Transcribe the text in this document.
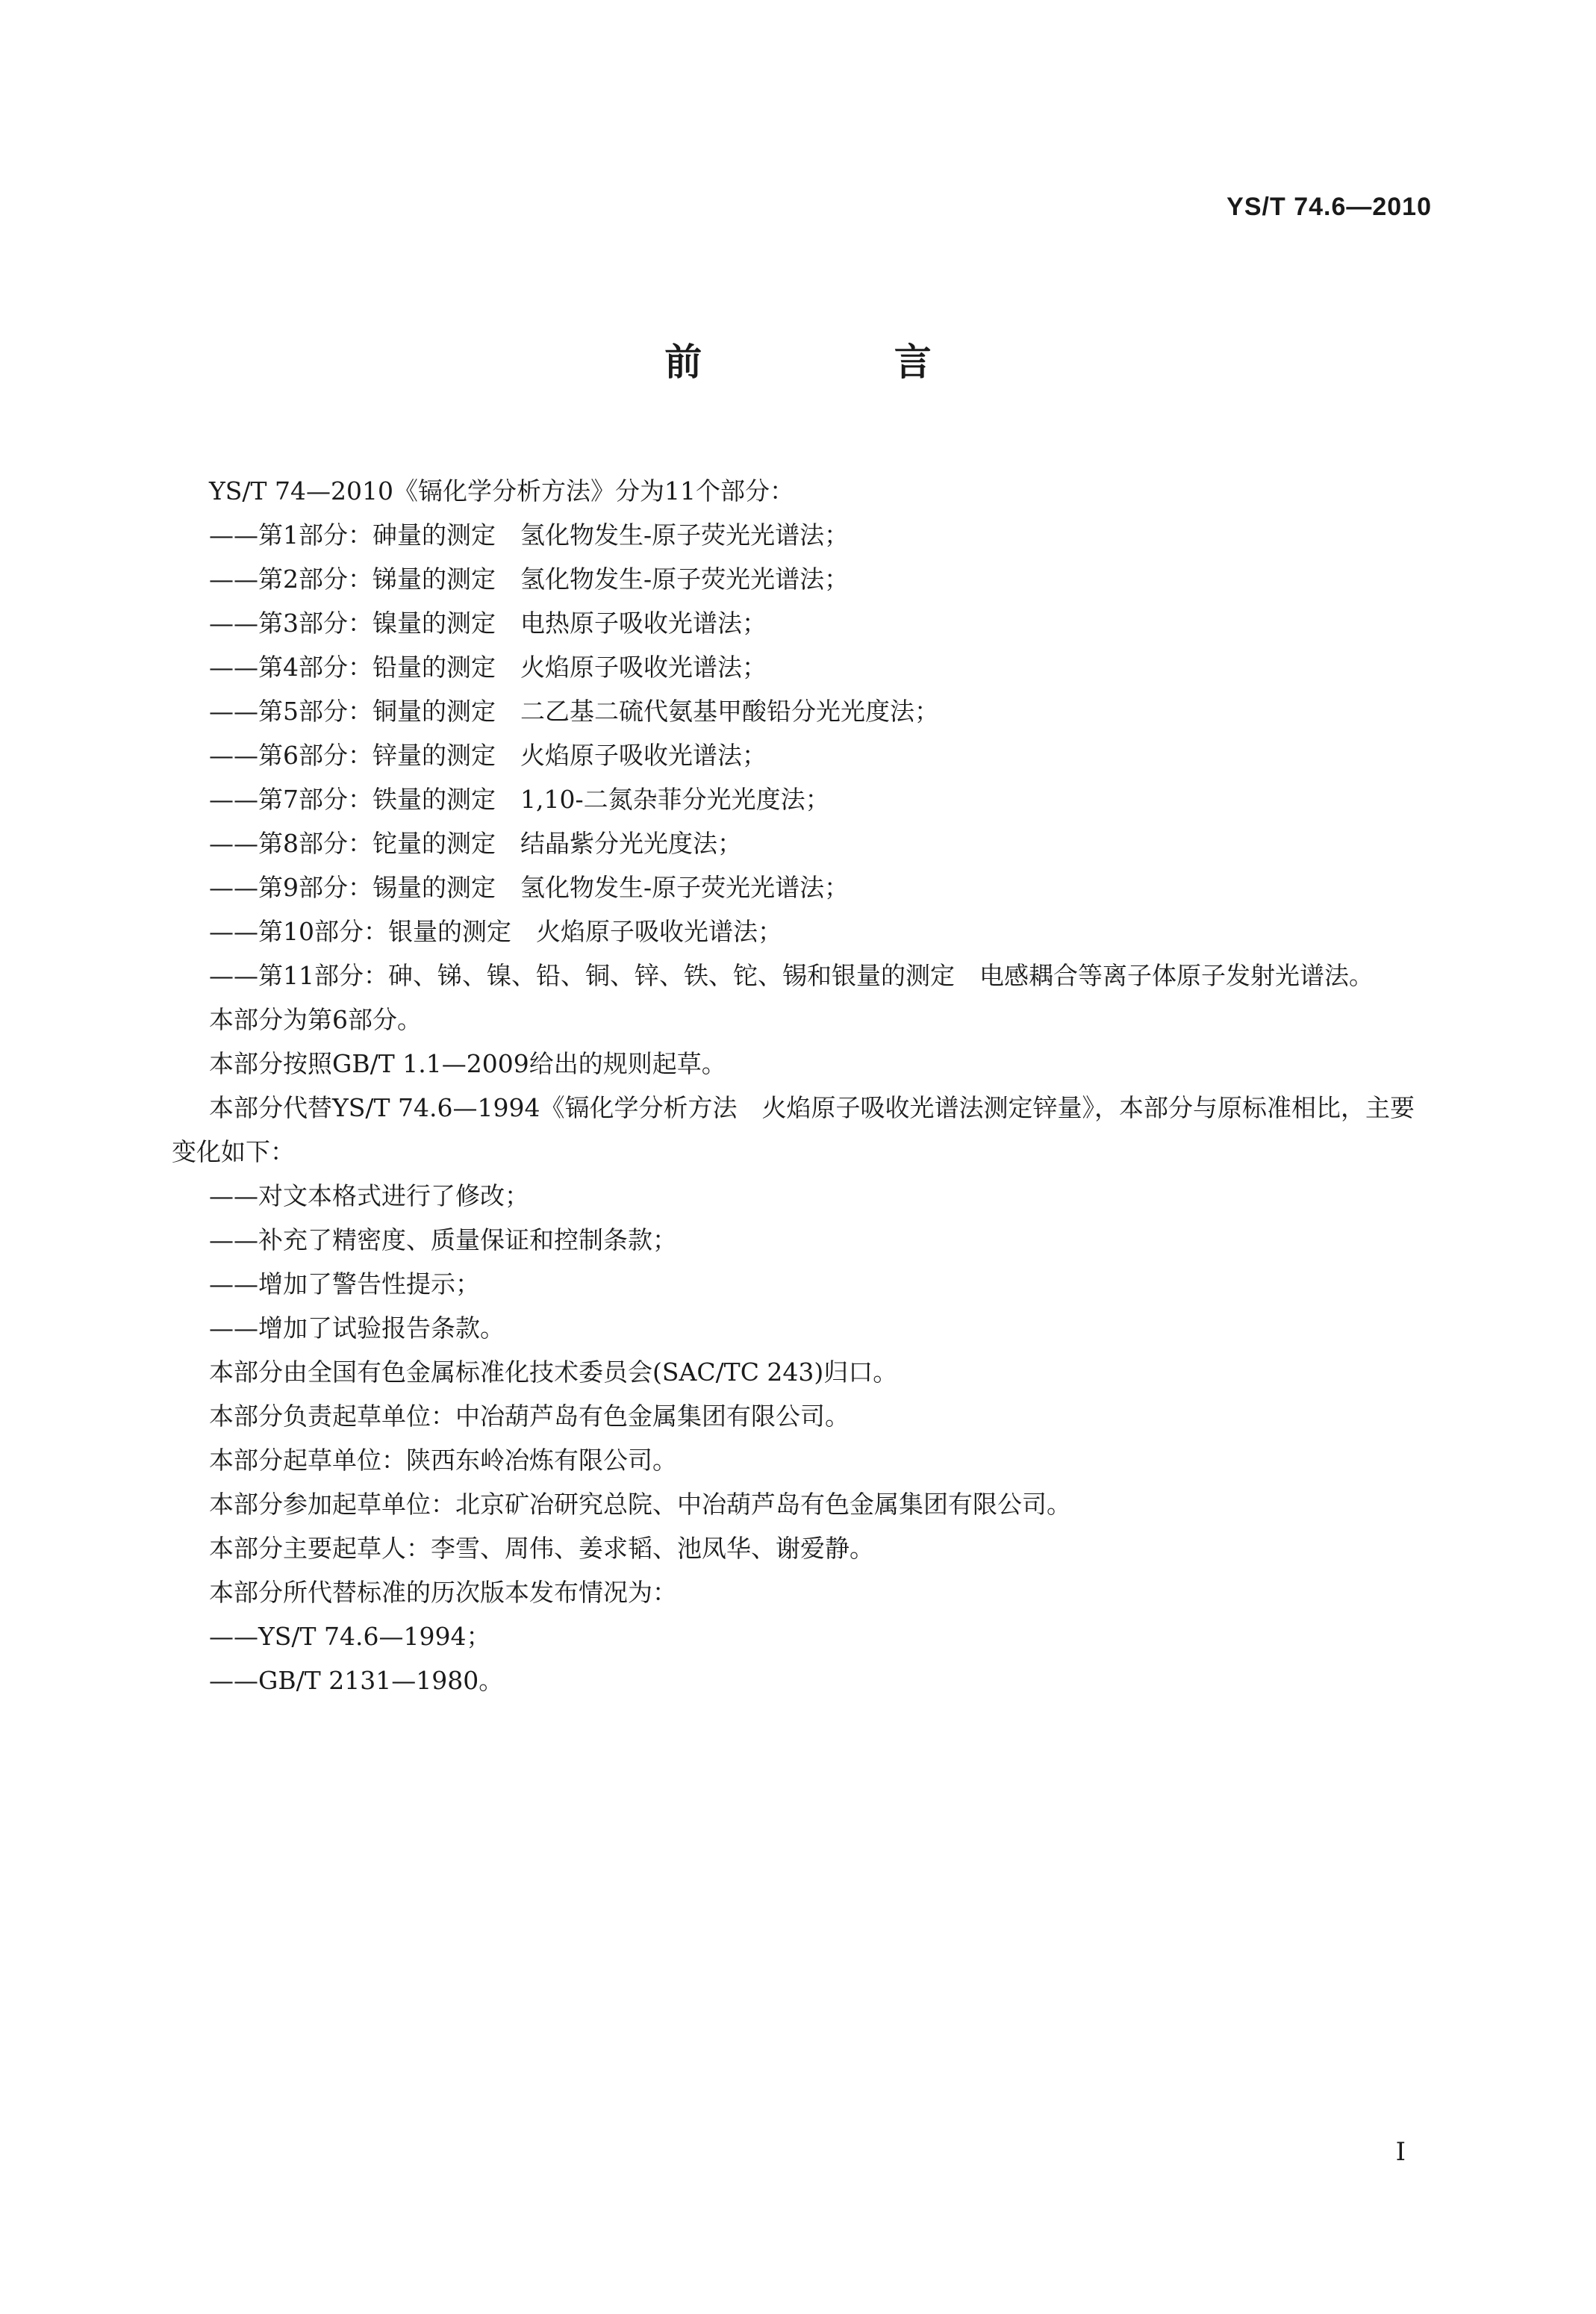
YS/T 74.6—2010
前 言

YS/T 74—2010《镉化学分析方法》分为11个部分：

——第1部分：砷量的测定　氢化物发生-原子荧光光谱法；

——第2部分：锑量的测定　氢化物发生-原子荧光光谱法；

——第3部分：镍量的测定　电热原子吸收光谱法；

——第4部分：铅量的测定　火焰原子吸收光谱法；

——第5部分：铜量的测定　二乙基二硫代氨基甲酸铅分光光度法；

——第6部分：锌量的测定　火焰原子吸收光谱法；

——第7部分：铁量的测定　1,10-二氮杂菲分光光度法；

——第8部分：铊量的测定　结晶紫分光光度法；

——第9部分：锡量的测定　氢化物发生-原子荧光光谱法；

——第10部分：银量的测定　火焰原子吸收光谱法；

——第11部分：砷、锑、镍、铅、铜、锌、铁、铊、锡和银量的测定　电感耦合等离子体原子发射光谱法。

本部分为第6部分。

本部分按照GB/T 1.1—2009给出的规则起草。

本部分代替YS/T 74.6—1994《镉化学分析方法　火焰原子吸收光谱法测定锌量》，本部分与原标准相比，主要变化如下：

——对文本格式进行了修改；

——补充了精密度、质量保证和控制条款；

——增加了警告性提示；

——增加了试验报告条款。

本部分由全国有色金属标准化技术委员会(SAC/TC 243)归口。

本部分负责起草单位：中冶葫芦岛有色金属集团有限公司。

本部分起草单位：陕西东岭冶炼有限公司。

本部分参加起草单位：北京矿冶研究总院、中冶葫芦岛有色金属集团有限公司。

本部分主要起草人：李雪、周伟、姜求韬、池凤华、谢爱静。

本部分所代替标准的历次版本发布情况为：

——YS/T 74.6—1994；

——GB/T 2131—1980。

I
